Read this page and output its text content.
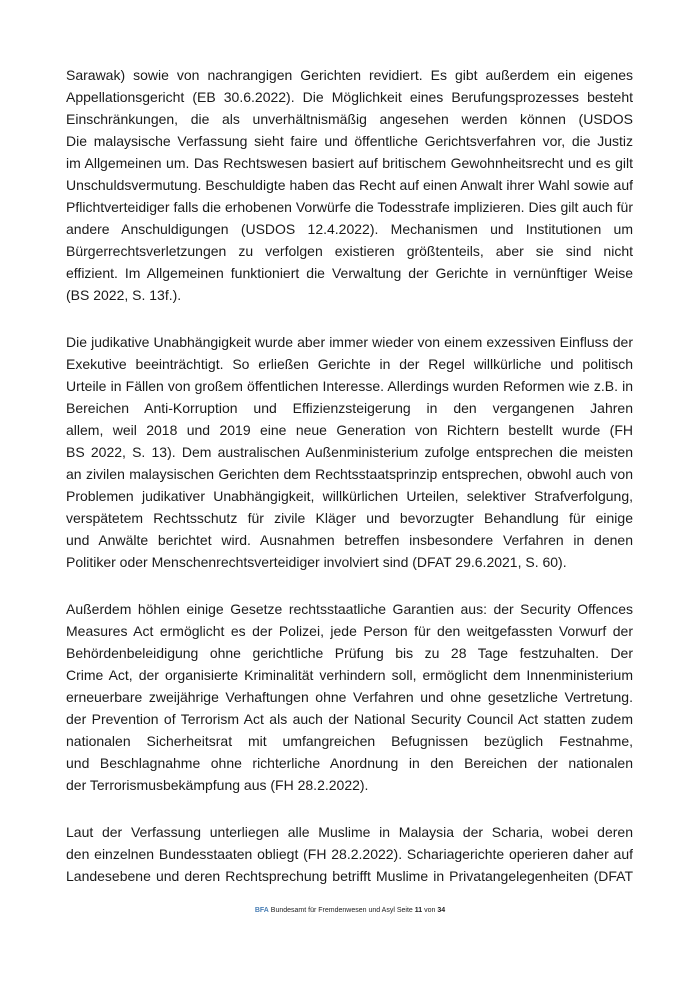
Sarawak) sowie von nachrangigen Gerichten revidiert. Es gibt außerdem ein eigenes
Appellationsgericht (EB 30.6.2022). Die Möglichkeit eines Berufungsprozesses besteht
Einschränkungen, die als unverhältnismäßig angesehen werden können (USDOS
Die malaysische Verfassung sieht faire und öffentliche Gerichtsverfahren vor, die Justiz
im Allgemeinen um. Das Rechtswesen basiert auf britischem Gewohnheitsrecht und es gilt
Unschuldsvermutung. Beschuldigte haben das Recht auf einen Anwalt ihrer Wahl sowie auf
Pflichtverteidiger falls die erhobenen Vorwürfe die Todesstrafe implizieren. Dies gilt auch für
andere Anschuldigungen (USDOS 12.4.2022). Mechanismen und Institutionen um
Bürgerrechtsverletzungen zu verfolgen existieren größtenteils, aber sie sind nicht
effizient. Im Allgemeinen funktioniert die Verwaltung der Gerichte in vernünftiger Weise
(BS 2022, S. 13f.).
Die judikative Unabhängigkeit wurde aber immer wieder von einem exzessiven Einfluss der
Exekutive beeinträchtigt. So erließen Gerichte in der Regel willkürliche und politisch
Urteile in Fällen von großem öffentlichen Interesse. Allerdings wurden Reformen wie z.B. in
Bereichen Anti-Korruption und Effizienzsteigerung in den vergangenen Jahren
allem, weil 2018 und 2019 eine neue Generation von Richtern bestellt wurde (FH
BS 2022, S. 13). Dem australischen Außenministerium zufolge entsprechen die meisten
an zivilen malaysischen Gerichten dem Rechtsstaatsprinzip entsprechen, obwohl auch von
Problemen judikativer Unabhängigkeit, willkürlichen Urteilen, selektiver Strafverfolgung,
verspätetem Rechtsschutz für zivile Kläger und bevorzugter Behandlung für einige
und Anwälte berichtet wird. Ausnahmen betreffen insbesondere Verfahren in denen
Politiker oder Menschenrechtsverteidiger involviert sind (DFAT 29.6.2021, S. 60).
Außerdem höhlen einige Gesetze rechtsstaatliche Garantien aus: der Security Offences
Measures Act ermöglicht es der Polizei, jede Person für den weitgefassten Vorwurf der
Behördenbeleidigung ohne gerichtliche Prüfung bis zu 28 Tage festzuhalten. Der
Crime Act, der organisierte Kriminalität verhindern soll, ermöglicht dem Innenministerium
erneuerbare zweijährige Verhaftungen ohne Verfahren und ohne gesetzliche Vertretung.
der Prevention of Terrorism Act als auch der National Security Council Act statten zudem
nationalen Sicherheitsrat mit umfangreichen Befugnissen bezüglich Festnahme,
und Beschlagnahme ohne richterliche Anordnung in den Bereichen der nationalen
der Terrorismusbekämpfung aus (FH 28.2.2022).
Laut der Verfassung unterliegen alle Muslime in Malaysia der Scharia, wobei deren
den einzelnen Bundesstaaten obliegt (FH 28.2.2022). Schariagerichte operieren daher auf
Landesebene und deren Rechtsprechung betrifft Muslime in Privatangelegenheiten (DFAT
BFA Bundesamt für Fremdenwesen und Asyl Seite 11 von 34
